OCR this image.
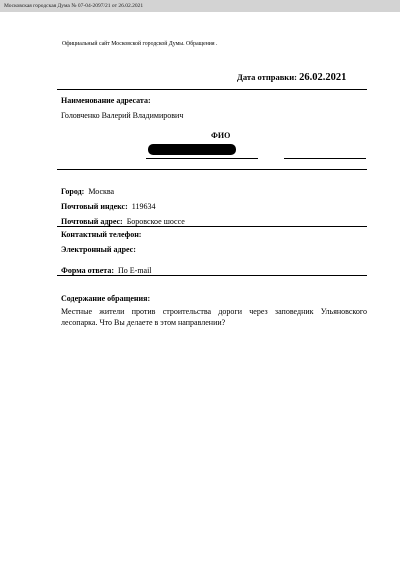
Московская городская Дума № 07-04-2097/21 от 26.02.2021
Официальный сайт Московской городской Думы. Обращения .
Дата отправки: 26.02.2021
Наименование адресата:
Головченко Валерий Владимирович
ФИО
Город: Москва
Почтовый индекс: 119634
Почтовый адрес: Боровское шоссе
Контактный телефон:
Электронный адрес:
Форма ответа: По E-mail
Содержание обращения:
Местные жители против строительства дороги через заповедник Ульяновского лесопарка. Что Вы делаете в этом направлении?
